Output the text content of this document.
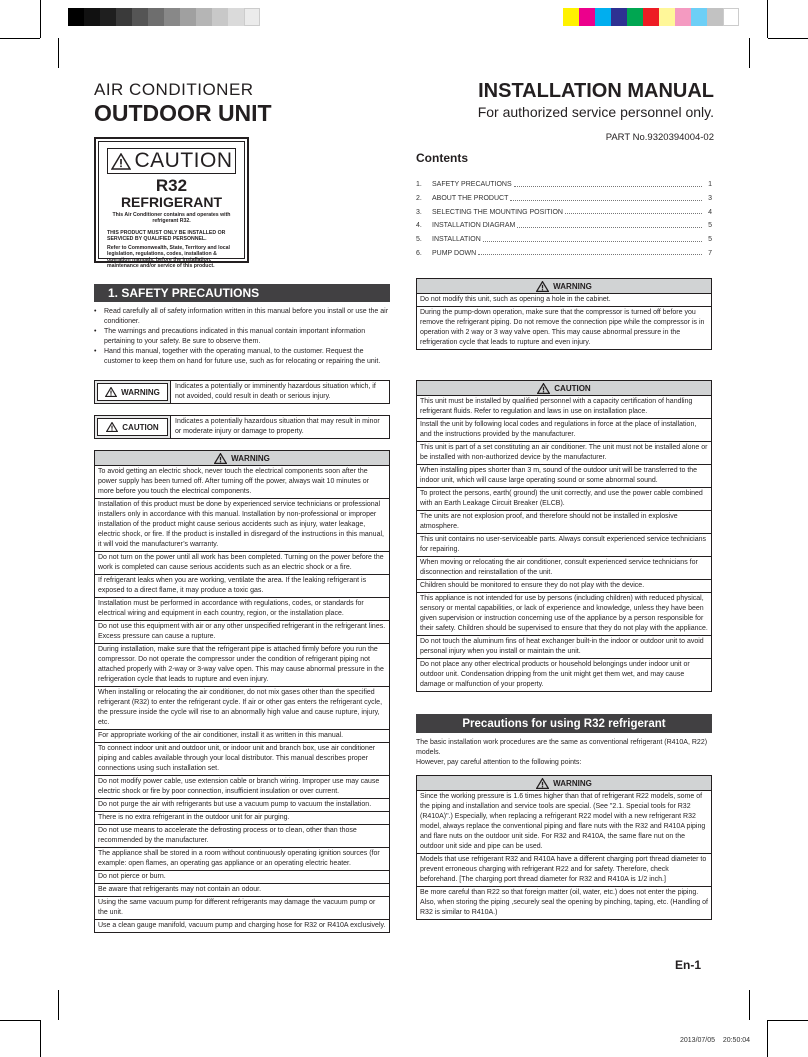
AIR CONDITIONER
OUTDOOR UNIT
INSTALLATION MANUAL
For authorized service personnel only.
PART No.9320394004-02
CAUTION
R32
REFRIGERANT
This Air Conditioner contains and operates with refrigerant R32.
THIS PRODUCT MUST ONLY BE INSTALLED OR SERVICED BY QUALIFIED PERSONNEL.
Refer to Commonwealth, State, Territory and local legislation, regulations, codes, installation & operation manuals, before the installation, maintenance and/or service of this product.
Contents
1.	SAFETY PRECAUTIONS	1
2.	ABOUT THE PRODUCT	3
3.	SELECTING THE MOUNTING POSITION	4
4.	INSTALLATION DIAGRAM	5
5.	INSTALLATION	5
6.	PUMP DOWN	7
1. SAFETY PRECAUTIONS
•	Read carefully all of safety information written in this manual before you install or use the air conditioner.
•	The warnings and precautions indicated in this manual contain important information pertaining to your safety. Be sure to observe them.
•	Hand this manual, together with the operating manual, to the customer. Request the customer to keep them on hand for future use, such as for relocating or repairing the unit.
WARNING
Indicates a potentially or imminently hazardous situation which, if not avoided, could result in death or serious injury.
CAUTION
Indicates a potentially hazardous situation that may result in minor or moderate injury or damage to property.
WARNING
To avoid getting an electric shock, never touch the electrical components soon after the power supply has been turned off. After turning off the power, always wait 10 minutes or more before you touch the electrical components.
Installation of this product must be done by experienced service technicians or professional installers only in accordance with this manual. Installation by non-professional or improper installation of the product might cause serious accidents such as injury, water leakage, electric shock, or fire. If the product is installed in disregard of the instructions in this manual, it will void the manufacturer’s warranty.
Do not turn on the power until all work has been completed. Turning on the power before the work is completed can cause serious accidents such as an electric shock or a fire.
If refrigerant leaks when you are working, ventilate the area. If the leaking refrigerant is exposed to a direct flame, it may produce a toxic gas.
Installation must be performed in accordance with regulations, codes, or standards for electrical wiring and equipment in each country, region, or the installation place.
Do not use this equipment with air or any other unspecified refrigerant in the refrigerant lines. Excess pressure can cause a rupture.
During installation, make sure that the refrigerant pipe is attached firmly before you run the compressor. Do not operate the compressor under the condition of refrigerant piping not attached properly with 2-way or 3-way valve open. This may cause abnormal pressure in the refrigeration cycle that leads to rupture and even injury.
When installing or relocating the air conditioner, do not mix gases other than the specified refrigerant (R32) to enter the refrigerant cycle. If air or other gas enters the refrigerant cycle, the pressure inside the cycle will rise to an abnormally high value and cause rupture, injury, etc.
For appropriate working of the air conditioner, install it as written in this manual.
To connect indoor unit and outdoor unit, or indoor unit and branch box, use air conditioner piping and cables available through your local distributor. This manual describes proper connections using such installation set.
Do not modify power cable, use extension cable or branch wiring. Improper use may cause electric shock or fire by poor connection, insufficient insulation or over current.
Do not purge the air with refrigerants but use a vacuum pump to vacuum the installation.
There is no extra refrigerant in the outdoor unit for air purging.
Do not use means to accelerate the defrosting process or to clean, other than those recommended by the manufacturer.
The appliance shall be stored in a room without continuously operating ignition sources (for example: open flames, an operating gas appliance or an operating electric heater.
Do not pierce or burn.
Be aware that refrigerants may not contain an odour.
Using the same vacuum pump for different refrigerants may damage the vacuum pump or the unit.
Use a clean gauge manifold, vacuum pump and charging hose for R32 or R410A exclusively.
WARNING
Do not modify this unit, such as opening a hole in the cabinet.
During the pump-down operation, make sure that the compressor is turned off before you remove the refrigerant piping. Do not remove the connection pipe while the compressor is in operation with 2 way or 3 way valve open. This may cause abnormal pressure in the refrigeration cycle that leads to rupture and even injury.
CAUTION
This unit must be installed by qualified personnel with a capacity certification of handling refrigerant fluids. Refer to regulation and laws in use on installation place.
Install the unit by following local codes and regulations in force at the place of installation, and the instructions provided by the manufacturer.
This unit is part of a set constituting an air conditioner. The unit must not be installed alone or be installed with non-authorized device by the manufacturer.
When installing pipes shorter than 3 m, sound of the outdoor unit will be transferred to the indoor unit, which will cause large operating sound or some abnormal sound.
To protect the persons, earth( ground) the unit correctly, and use the power cable combined with an Earth Leakage Circuit Breaker (ELCB).
The units are not explosion proof, and therefore should not be installed in explosive atmosphere.
This unit contains no user-serviceable parts. Always consult experienced service technicians for repairing.
When moving or relocating the air conditioner, consult experienced service technicians for disconnection and reinstallation of the unit.
Children should be monitored to ensure they do not play with the device.
This appliance is not intended for use by persons (including children) with reduced physical, sensory or mental capabilities, or lack of experience and knowledge, unless they have been given supervision or instruction concerning use of the appliance by a person responsible for their safety. Children should be supervised to ensure that they do not play with the appliance.
Do not touch the aluminum fins of heat exchanger built-in the indoor or outdoor unit to avoid personal injury when you install or maintain the unit.
Do not place any other electrical products or household belongings under indoor unit or outdoor unit. Condensation dripping from the unit might get them wet, and may cause damage or malfunction of your property.
Precautions for using R32 refrigerant
The basic installation work procedures are the same as conventional refrigerant (R410A, R22) models.
However, pay careful attention to the following points:
WARNING
Since the working pressure is 1.6 times higher than that of refrigerant R22 models, some of the piping and installation and service tools are special. (See "2.1. Special tools for R32 (R410A)".) Especially, when replacing a refrigerant R22 model with a new refrigerant R32 model, always replace the conventional piping and flare nuts with the R32 and R410A piping and flare nuts on the outdoor unit side. For R32 and R410A, the same flare nut on the outdoor unit side and pipe can be used.
Models that use refrigerant R32 and R410A have a different charging port thread diameter to prevent erroneous charging with refrigerant R22 and for safety. Therefore, check beforehand. [The charging port thread diameter for R32 and R410A is 1/2 inch.]
Be more careful than R22 so that foreign matter (oil, water, etc.) does not enter the piping. Also, when storing the piping ,securely seal the opening by pinching, taping, etc. (Handling of R32 is similar to R410A.)
En-1
2013/07/05    20:50:04
